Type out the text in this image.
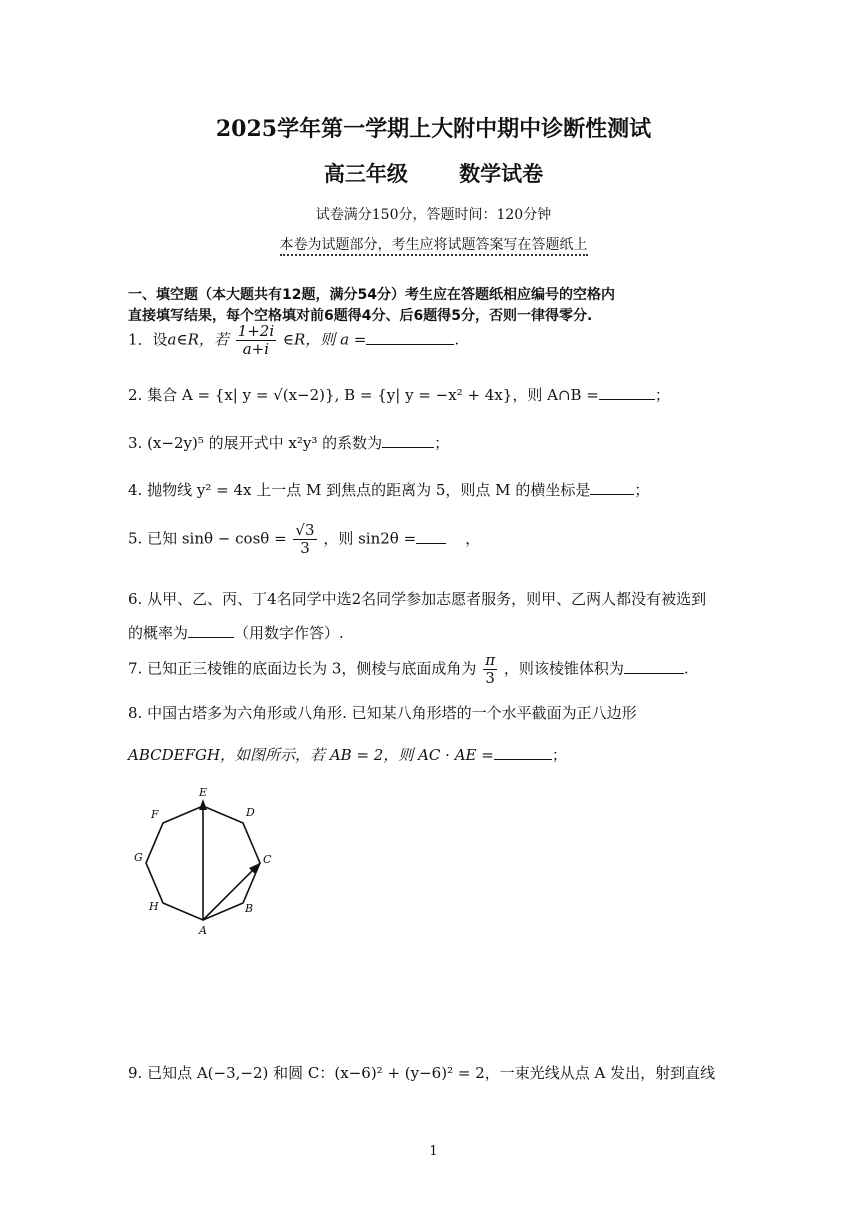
2025学年第一学期上大附中期中诊断性测试
高三年级 数学试卷
试卷满分150分，答题时间：120分钟
本卷为试题部分，考生应将试题答案写在答题纸上
一、填空题（本大题共有12题，满分54分）考生应在答题纸相应编号的空格内
直接填写结果，每个空格填对前6题得4分、后6题得5分，否则一律得零分.
1．设a∈R，若 $\frac{1+2i}{a+i}$ ∈R，则 a =	.
2. 集合 A = {x| y = √(x−2)}, B = {y| y = −x² + 4x}，则 A∩B =	；
3. (x−2y)⁵ 的展开式中 x²y³ 的系数为	；
4. 抛物线 y² = 4x 上一点 M 到焦点的距离为 5，则点 M 的横坐标是	；
5. 已知 $\sin\theta - \cos\theta = \frac{√3}{3}$ ，则 sin2θ =	，
6. 从甲、乙、丙、丁4名同学中选2名同学参加志愿者服务，则甲、乙两人都没有被选到
的概率为	（用数字作答）.
7. 已知正三棱锥的底面边长为 3，侧棱与底面成角为 $\frac{\pi}{3}$ ，则该棱锥体积为	.
8. 中国古塔多为六角形或八角形. 已知某八角形塔的一个水平截面为正八边形
ABCDEFGH，如图所示，若 AB = 2，则 AC · AE =	；
A
B
C
D
E
F
G
H
9. 已知点 A(−3,−2) 和圆 C：(x−6)² + (y−6)² = 2，一束光线从点 A 发出，射到直线
1
